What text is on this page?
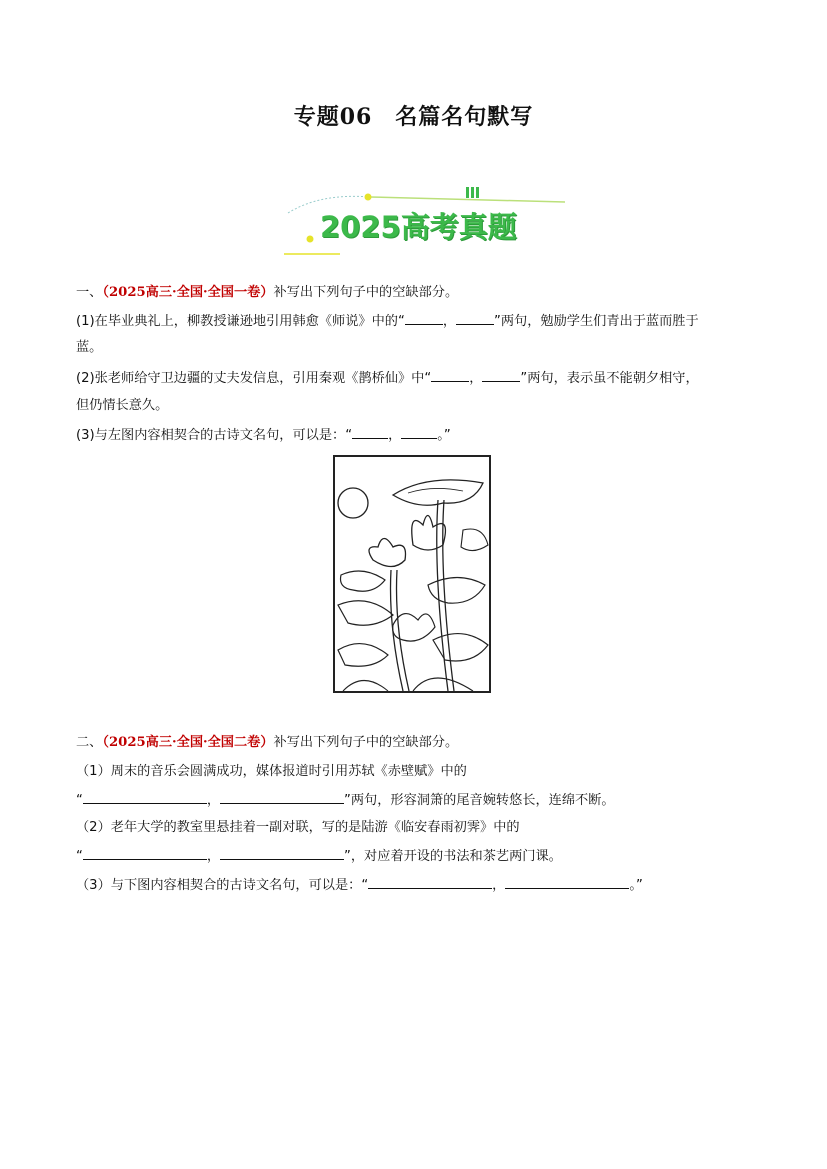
专题06　名篇名句默写
2025高考真题
一、（2025高三·全国·全国一卷）补写出下列句子中的空缺部分。
(1)在毕业典礼上，柳教授谦逊地引用韩愈《师说》中的“	，	”两句，勉励学生们青出于蓝而胜于
蓝。
(2)张老师给守卫边疆的丈夫发信息，引用秦观《鹊桥仙》中“	，	”两句，表示虽不能朝夕相守，
但仍情长意久。
(3)与左图内容相契合的古诗文名句，可以是：“	，	。”
二、（2025高三·全国·全国二卷）补写出下列句子中的空缺部分。
（1）周末的音乐会圆满成功，媒体报道时引用苏轼《赤壁赋》中的
“	，	”两句，形容洞箫的尾音婉转悠长，连绵不断。
（2）老年大学的教室里悬挂着一副对联，写的是陆游《临安春雨初霁》中的
“	，	”，对应着开设的书法和茶艺两门课。
（3）与下图内容相契合的古诗文名句，可以是：“	，	。”
